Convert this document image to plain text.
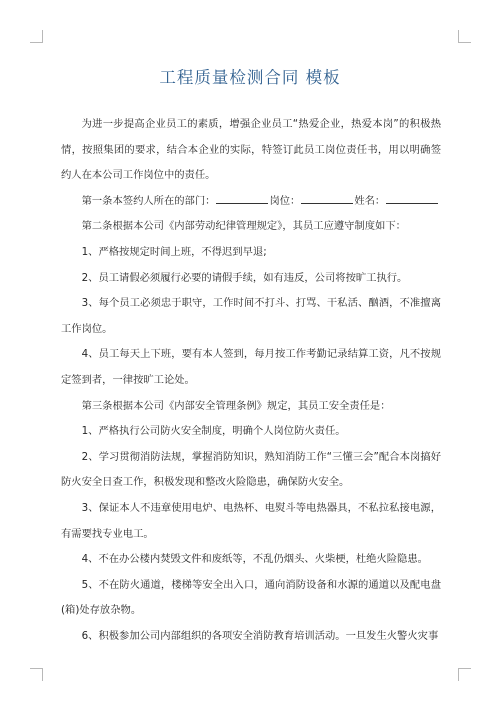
工程质量检测合同 模板

为进一步提高企业员工的素质，增强企业员工“热爱企业，热爱本岗”的积极热情，按照集团的要求，结合本企业的实际，特签订此员工岗位责任书，用以明确签约人在本公司工作岗位中的责任。

第一条本签约人所在的部门：	岗位：	姓名：

第二条根据本公司《内部劳动纪律管理规定》，其员工应遵守制度如下：

1、严格按规定时间上班，不得迟到早退;

2、员工请假必须履行必要的请假手续，如有违反，公司将按旷工执行。

3、每个员工必须忠于职守，工作时间不打斗、打骂、干私活、酗酒，不准擅离工作岗位。

4、员工每天上下班，要有本人签到，每月按工作考勤记录结算工资，凡不按规定签到者，一律按旷工论处。

第三条根据本公司《内部安全管理条例》规定，其员工安全责任是：

1、严格执行公司防火安全制度，明确个人岗位防火责任。

2、学习贯彻消防法规，掌握消防知识，熟知消防工作“三懂三会”配合本岗搞好防火安全日查工作，积极发现和整改火险隐患，确保防火安全。

3、保证本人不违章使用电炉、电热杯、电熨斗等电热器具，不私拉私接电源，有需要找专业电工。

4、不在办公楼内焚毁文件和废纸等，不乱仍烟头、火柴梗，杜绝火险隐患。

5、不在防火通道，楼梯等安全出入口，通向消防设备和水源的通道以及配电盘(箱)处存放杂物。

6、积极参加公司内部组织的各项安全消防教育培训活动。一旦发生火警火灾事
